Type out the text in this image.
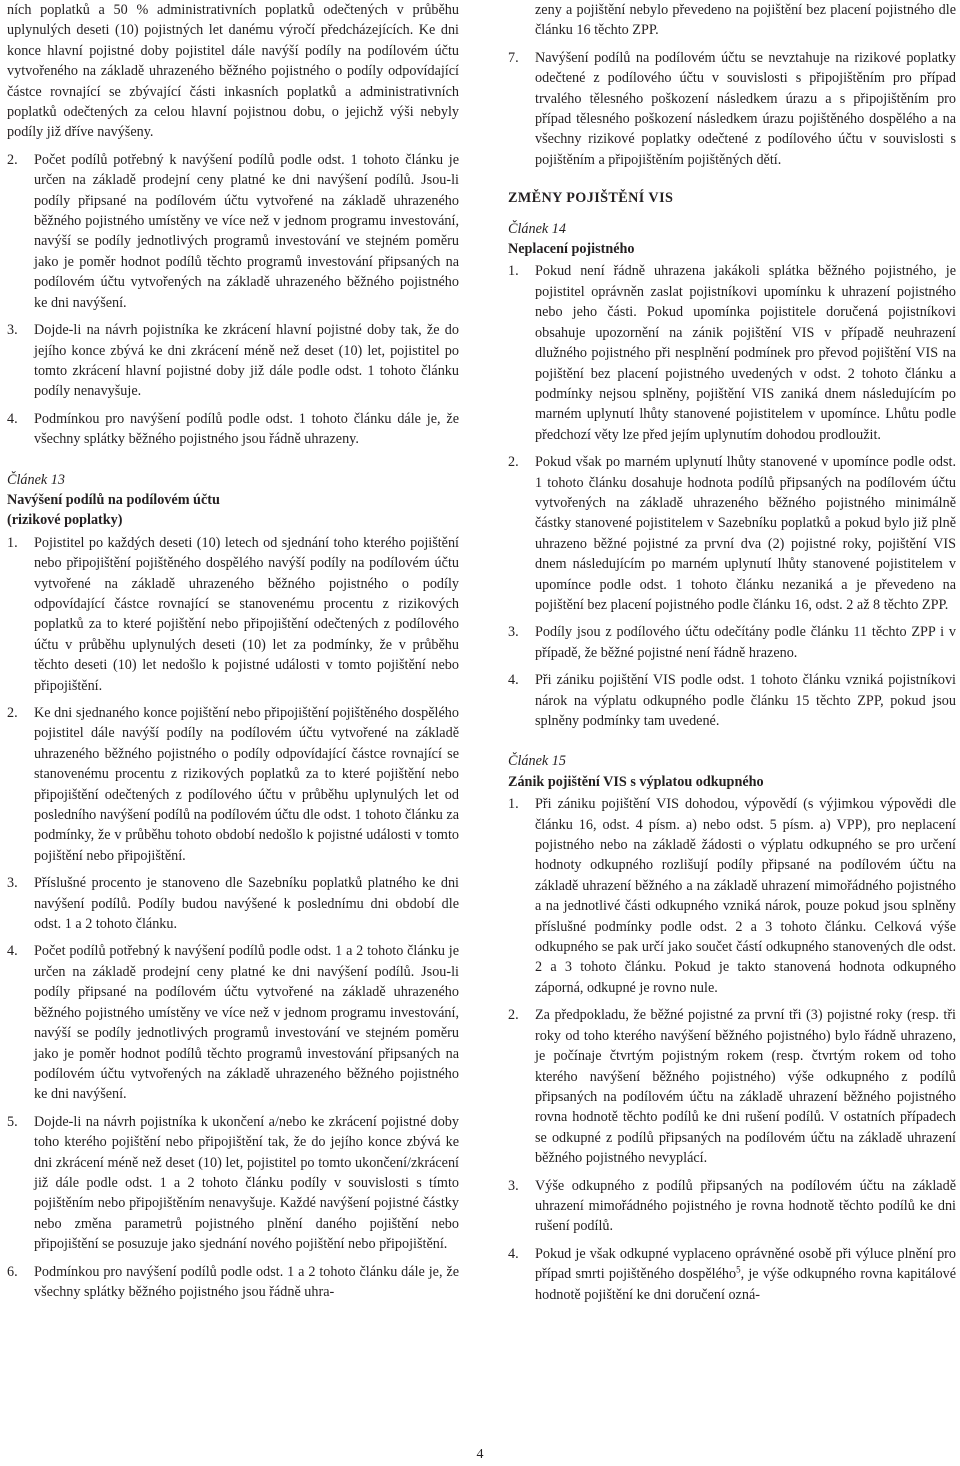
ních poplatků a 50 % administrativních poplatků odečtených v průběhu uplynulých deseti (10) pojistných let danému výročí předcházejících. Ke dni konce hlavní pojistné doby pojistitel dále navýší podíly na podílovém účtu vytvořeného na základě uhrazeného běžného pojistného o podíly odpovídající částce rovnající se zbývající části inkasních poplatků a administrativních poplatků odečtených za celou hlavní pojistnou dobu, o jejichž výši nebyly podíly již dříve navýšeny.

2. Počet podílů potřebný k navýšení podílů podle odst. 1 tohoto článku je určen na základě prodejní ceny platné ke dni navýšení podílů. Jsou-li podíly připsané na podílovém účtu vytvořené na základě uhrazeného běžného pojistného umístěny ve více než v jednom programu investování, navýší se podíly jednotlivých programů investování ve stejném poměru jako je poměr hodnot podílů těchto programů investování připsaných na podílovém účtu vytvořených na základě uhrazeného běžného pojistného ke dni navýšení.
3. Dojde-li na návrh pojistníka ke zkrácení hlavní pojistné doby tak, že do jejího konce zbývá ke dni zkrácení méně než deset (10) let, pojistitel po tomto zkrácení hlavní pojistné doby již dále podle odst. 1 tohoto článku podíly nenavyšuje.
4. Podmínkou pro navýšení podílů podle odst. 1 tohoto článku dále je, že všechny splátky běžného pojistného jsou řádně uhrazeny.

Článek 13

Navýšení podílů na podílovém účtu

(rizikové poplatky)

1. Pojistitel po každých deseti (10) letech od sjednání toho kterého pojištění nebo připojištění pojištěného dospělého navýší podíly na podílovém účtu vytvořené na základě uhrazeného běžného pojistného o podíly odpovídající částce rovnající se stanovenému procentu z rizikových poplatků za to které pojištění nebo připojištění odečtených z podílového účtu v průběhu uplynulých deseti (10) let za podmínky, že v průběhu těchto deseti (10) let nedošlo k pojistné události v tomto pojištění nebo připojištění.
2. Ke dni sjednaného konce pojištění nebo připojištění pojištěného dospělého pojistitel dále navýší podíly na podílovém účtu vytvořené na základě uhrazeného běžného pojistného o podíly odpovídající částce rovnající se stanovenému procentu z rizikových poplatků za to které pojištění nebo připojištění odečtených z podílového účtu v průběhu uplynulých let od posledního navýšení podílů na podílovém účtu dle odst. 1 tohoto článku za podmínky, že v průběhu tohoto období nedošlo k pojistné události v tomto pojištění nebo připojištění.
3. Příslušné procento je stanoveno dle Sazebníku poplatků platného ke dni navýšení podílů. Podíly budou navýšené k poslednímu dni období dle odst. 1 a 2 tohoto článku.
4. Počet podílů potřebný k navýšení podílů podle odst. 1 a 2 tohoto článku je určen na základě prodejní ceny platné ke dni navýšení podílů. Jsou-li podíly připsané na podílovém účtu vytvořené na základě uhrazeného běžného pojistného umístěny ve více než v jednom programu investování, navýší se podíly jednotlivých programů investování ve stejném poměru jako je poměr hodnot podílů těchto programů investování připsaných na podílovém účtu vytvořených na základě uhrazeného běžného pojistného ke dni navýšení.
5. Dojde-li na návrh pojistníka k ukončení a/nebo ke zkrácení pojistné doby toho kterého pojištění nebo připojištění tak, že do jejího konce zbývá ke dni zkrácení méně než deset (10) let, pojistitel po tomto ukončení/zkrácení již dále podle odst. 1 a 2 tohoto článku podíly v souvislosti s tímto pojištěním nebo připojištěním nenavyšuje. Každé navýšení pojistné částky nebo změna parametrů pojistného plnění daného pojištění nebo připojištění se posuzuje jako sjednání nového pojištění nebo připojištění.
6. Podmínkou pro navýšení podílů podle odst. 1 a 2 tohoto článku dále je, že všechny splátky běžného pojistného jsou řádně uhra-

zeny a pojištění nebylo převedeno na pojištění bez placení pojistného dle článku 16 těchto ZPP.

7. Navýšení podílů na podílovém účtu se nevztahuje na rizikové poplatky odečtené z podílového účtu v souvislosti s připojištěním pro případ trvalého tělesného poškození následkem úrazu a s připojištěním pro případ tělesného poškození následkem úrazu pojištěného dospělého a na všechny rizikové poplatky odečtené z podílového účtu v souvislosti s pojištěním a připojištěním pojištěných dětí.

ZMĚNY POJIŠTĚNÍ VIS

Článek 14

Neplacení pojistného

1. Pokud není řádně uhrazena jakákoli splátka běžného pojistného, je pojistitel oprávněn zaslat pojistníkovi upomínku k uhrazení pojistného nebo jeho části. Pokud upomínka pojistitele doručená pojistníkovi obsahuje upozornění na zánik pojištění VIS v případě neuhrazení dlužného pojistného při nesplnění podmínek pro převod pojištění VIS na pojištění bez placení pojistného uvedených v odst. 2 tohoto článku a podmínky nejsou splněny, pojištění VIS zaniká dnem následujícím po marném uplynutí lhůty stanovené pojistitelem v upomínce. Lhůtu podle předchozí věty lze před jejím uplynutím dohodou prodloužit.
2. Pokud však po marném uplynutí lhůty stanovené v upomínce podle odst. 1 tohoto článku dosahuje hodnota podílů připsaných na podílovém účtu vytvořených na základě uhrazeného běžného pojistného minimálně částky stanovené pojistitelem v Sazebníku poplatků a pokud bylo již plně uhrazeno běžné pojistné za první dva (2) pojistné roky, pojištění VIS dnem následujícím po marném uplynutí lhůty stanovené pojistitelem v upomínce podle odst. 1 tohoto článku nezaniká a je převedeno na pojištění bez placení pojistného podle článku 16, odst. 2 až 8 těchto ZPP.
3. Podíly jsou z podílového účtu odečítány podle článku 11 těchto ZPP i v případě, že běžné pojistné není řádně hrazeno.
4. Při zániku pojištění VIS podle odst. 1 tohoto článku vzniká pojistníkovi nárok na výplatu odkupného podle článku 15 těchto ZPP, pokud jsou splněny podmínky tam uvedené.

Článek 15

Zánik pojištění VIS s výplatou odkupného

1. Při zániku pojištění VIS dohodou, výpovědí (s výjimkou výpovědi dle článku 16, odst. 4 písm. a) nebo odst. 5 písm. a) VPP), pro neplacení pojistného nebo na základě žádosti o výplatu odkupného se pro určení hodnoty odkupného rozlišují podíly připsané na podílovém účtu na základě uhrazení běžného a na základě uhrazení mimořádného pojistného a na jednotlivé části odkupného vzniká nárok, pouze pokud jsou splněny příslušné podmínky podle odst. 2 a 3 tohoto článku. Celková výše odkupného se pak určí jako součet částí odkupného stanovených dle odst. 2 a 3 tohoto článku. Pokud je takto stanovená hodnota odkupného záporná, odkupné je rovno nule.
2. Za předpokladu, že běžné pojistné za první tři (3) pojistné roky (resp. tři roky od toho kterého navýšení běžného pojistného) bylo řádně uhrazeno, je počínaje čtvrtým pojistným rokem (resp. čtvrtým rokem od toho kterého navýšení běžného pojistného) výše odkupného z podílů připsaných na podílovém účtu na základě uhrazení běžného pojistného rovna hodnotě těchto podílů ke dni rušení podílů. V ostatních případech se odkupné z podílů připsaných na podílovém účtu na základě uhrazení běžného pojistného nevyplácí.
3. Výše odkupného z podílů připsaných na podílovém účtu na základě uhrazení mimořádného pojistného je rovna hodnotě těchto podílů ke dni rušení podílů.
4. Pokud je však odkupné vyplaceno oprávněné osobě při výluce plnění pro případ smrti pojištěného dospělého$^5$, je výše odkupného rovna kapitálové hodnotě pojištění ke dni doručení ozná-
4
